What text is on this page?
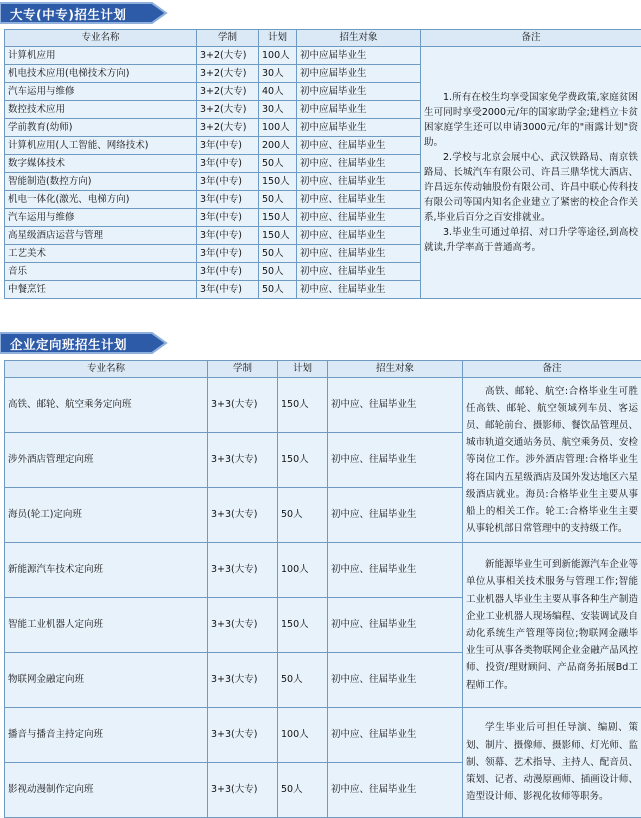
大专(中专)招生计划
专业名称	学制	计划	招生对象	备注
计算机应用	3+2(大专)	100人	初中应届毕业生	1.所有在校生均享受国家免学费政策,家庭贫困生可同时享受2000元/年的国家助学金;建档立卡贫困家庭学生还可以申请3000元/年的"雨露计划"资助。

2.学校与北京会展中心、武汉铁路局、南京铁路局、长城汽车有限公司、许昌三鼎华忧大酒店、许昌远东传动轴股份有限公司、许昌中联心传科技有限公司等国内知名企业建立了紧密的校企合作关系,毕业后百分之百安排就业。

3.毕业生可通过单招、对口升学等途径,到高校就读,升学率高于普通高考。

机电技术应用(电梯技术方向)	3+2(大专)	30人	初中应届毕业生	
汽车运用与维修	3+2(大专)	40人	初中应届毕业生	
数控技术应用	3+2(大专)	30人	初中应届毕业生	
学前教育(幼师)	3+2(大专)	100人	初中应届毕业生	
计算机应用(人工智能、网络技术)	3年(中专)	200人	初中应、往届毕业生	
数字媒体技术	3年(中专)	50人	初中应、往届毕业生	
智能制造(数控方向)	3年(中专)	150人	初中应、往届毕业生	
机电一体化(激光、电梯方向)	3年(中专)	50人	初中应、往届毕业生	
汽车运用与维修	3年(中专)	150人	初中应、往届毕业生	
高星级酒店运营与管理	3年(中专)	150人	初中应、往届毕业生	
工艺美术	3年(中专)	50人	初中应、往届毕业生	
音乐	3年(中专)	50人	初中应、往届毕业生	
中餐烹饪	3年(中专)	50人	初中应、往届毕业生	
企业定向班招生计划
专业名称	学制	计划	招生对象	备注
高铁、邮轮、航空乘务定向班	3+3(大专)	150人	初中应、往届毕业生	高铁、邮轮、航空:合格毕业生可胜任高铁、邮轮、航空领域列车员、客运员、邮轮前台、摄影师、餐饮品管理员、城市轨道交通站务员、航空乘务员、安检等岗位工作。涉外酒店管理:合格毕业生将在国内五星级酒店及国外发达地区六星级酒店就业。海员:合格毕业生主要从事船上的相关工作。轮工:合格毕业生主要从事轮机部日常管理中的支持级工作。
涉外酒店管理定向班	3+3(大专)	150人	初中应、往届毕业生	
海员(轮工)定向班	3+3(大专)	50人	初中应、往届毕业生	
新能源汽车技术定向班	3+3(大专)	100人	初中应、往届毕业生	新能源毕业生可到新能源汽车企业等单位从事相关技术服务与管理工作;智能工业机器人毕业生主要从事各种生产制造企业工业机器人现场编程、安装调试及自动化系统生产管理等岗位;物联网金融毕业生可从事各类物联网企业金融产品风控师、投资/理财顾问、产品商务拓展Bd工程师工作。
智能工业机器人定向班	3+3(大专)	150人	初中应、往届毕业生	
物联网金融定向班	3+3(大专)	50人	初中应、往届毕业生	
播音与播音主持定向班	3+3(大专)	100人	初中应、往届毕业生	学生毕业后可担任导演、编剧、策划、制片、摄像师、摄影师、灯光师、监制、领幕、艺术指导、主持人、配音员、策划、记者、动漫原画师、插画设计师、造型设计师、影视化妆师等职务。
影视动漫制作定向班	3+3(大专)	50人	初中应、往届毕业生	
